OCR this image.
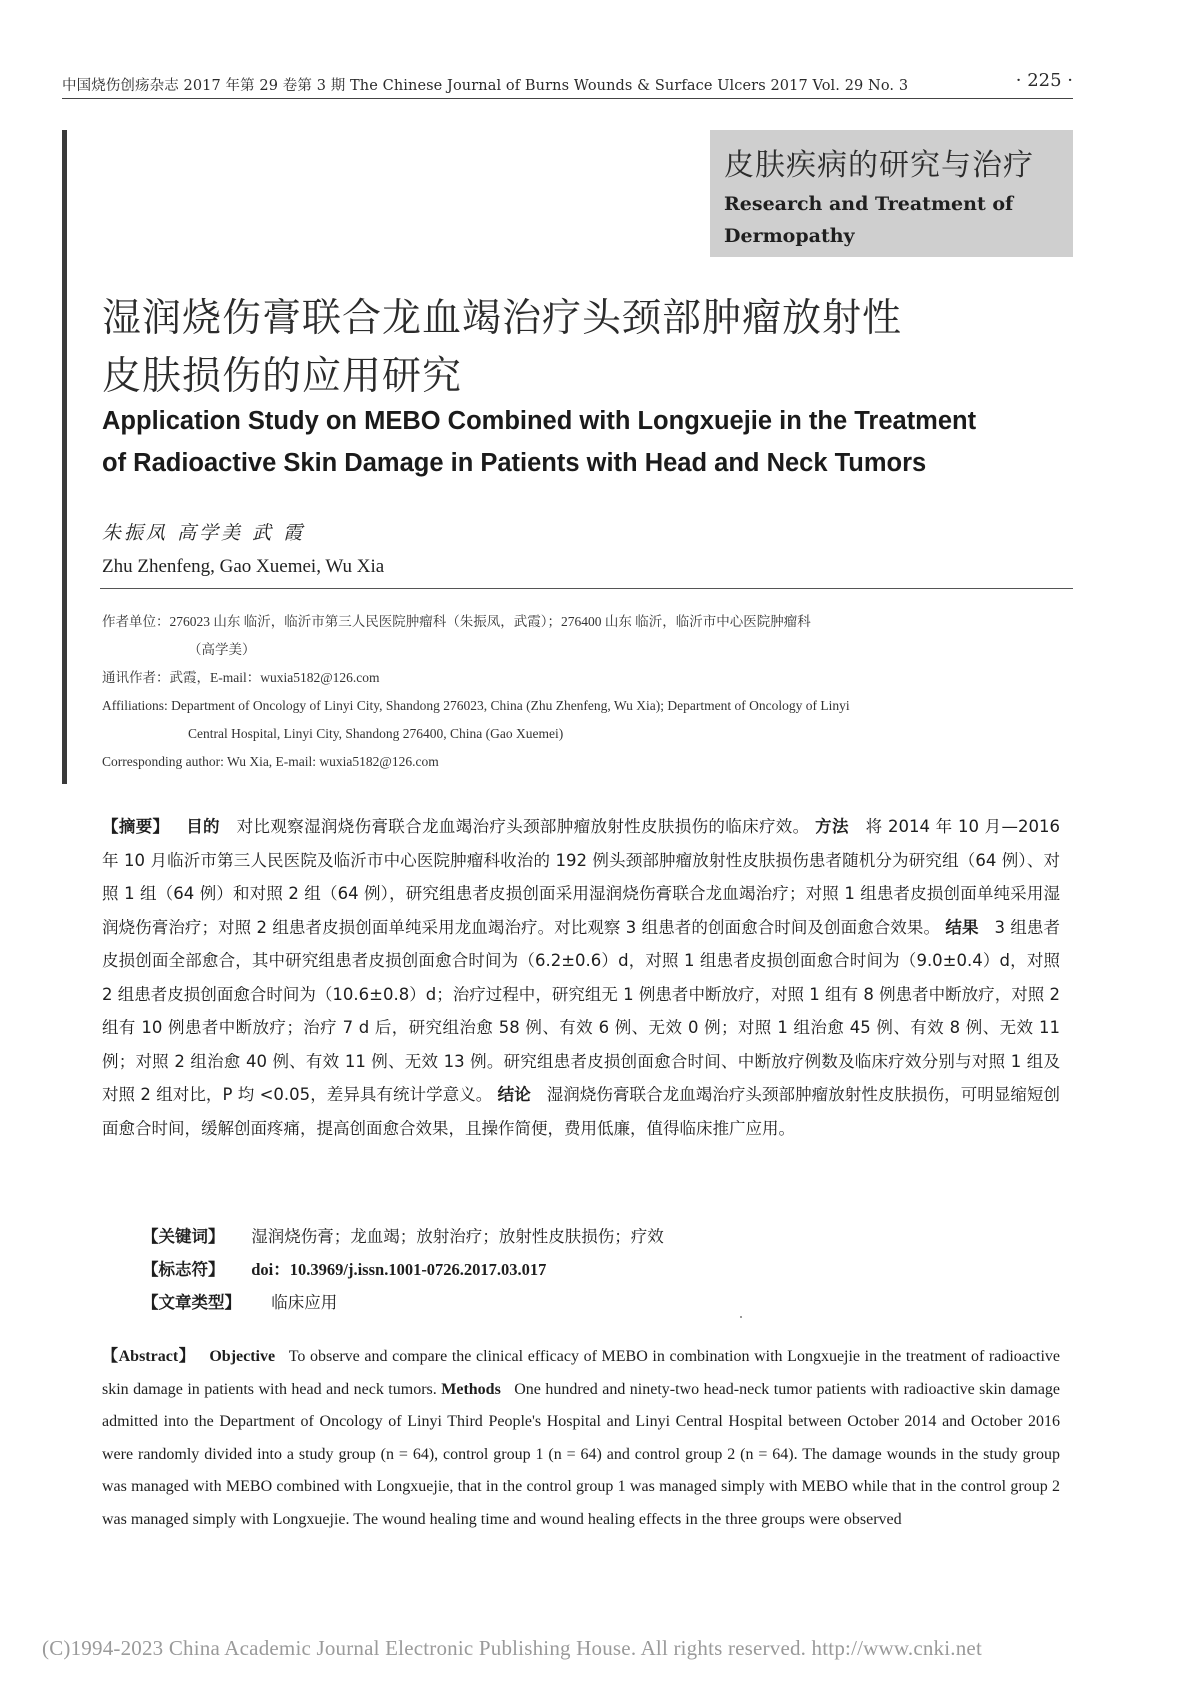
中国烧伤创疡杂志 2017 年第 29 卷第 3 期 The Chinese Journal of Burns Wounds & Surface Ulcers 2017 Vol. 29 No. 3	· 225 ·
皮肤疾病的研究与治疗
Research and Treatment of Dermopathy
湿润烧伤膏联合龙血竭治疗头颈部肿瘤放射性
皮肤损伤的应用研究
Application Study on MEBO Combined with Longxuejie in the Treatment
of Radioactive Skin Damage in Patients with Head and Neck Tumors
朱振凤 高学美 武 霞
Zhu Zhenfeng, Gao Xuemei, Wu Xia
作者单位：276023 山东 临沂，临沂市第三人民医院肿瘤科（朱振凤，武霞）；276400 山东 临沂，临沂市中心医院肿瘤科
（高学美）
通讯作者：武霞，E-mail：wuxia5182@126.com
Affiliations: Department of Oncology of Linyi City, Shandong 276023, China (Zhu Zhenfeng, Wu Xia); Department of Oncology of Linyi
Central Hospital, Linyi City, Shandong 276400, China (Gao Xuemei)
Corresponding author: Wu Xia, E-mail: wuxia5182@126.com
【摘要】 目的 对比观察湿润烧伤膏联合龙血竭治疗头颈部肿瘤放射性皮肤损伤的临床疗效。 方法 将 2014 年 10 月—2016 年 10 月临沂市第三人民医院及临沂市中心医院肿瘤科收治的 192 例头颈部肿瘤放射性皮肤损伤患者随机分为研究组（64 例）、对照 1 组（64 例）和对照 2 组（64 例），研究组患者皮损创面采用湿润烧伤膏联合龙血竭治疗；对照 1 组患者皮损创面单纯采用湿润烧伤膏治疗；对照 2 组患者皮损创面单纯采用龙血竭治疗。对比观察 3 组患者的创面愈合时间及创面愈合效果。 结果 3 组患者皮损创面全部愈合，其中研究组患者皮损创面愈合时间为（6.2±0.6）d，对照 1 组患者皮损创面愈合时间为（9.0±0.4）d，对照 2 组患者皮损创面愈合时间为（10.6±0.8）d；治疗过程中，研究组无 1 例患者中断放疗，对照 1 组有 8 例患者中断放疗，对照 2 组有 10 例患者中断放疗；治疗 7 d 后，研究组治愈 58 例、有效 6 例、无效 0 例；对照 1 组治愈 45 例、有效 8 例、无效 11 例；对照 2 组治愈 40 例、有效 11 例、无效 13 例。研究组患者皮损创面愈合时间、中断放疗例数及临床疗效分别与对照 1 组及对照 2 组对比，P 均 <0.05，差异具有统计学意义。 结论 湿润烧伤膏联合龙血竭治疗头颈部肿瘤放射性皮肤损伤，可明显缩短创面愈合时间，缓解创面疼痛，提高创面愈合效果，且操作简便，费用低廉，值得临床推广应用。
【关键词】 湿润烧伤膏；龙血竭；放射治疗；放射性皮肤损伤；疗效
【标志符】 doi：10.3969/j.issn.1001-0726.2017.03.017
【文章类型】 临床应用
【Abstract】 Objective To observe and compare the clinical efficacy of MEBO in combination with Longxuejie in the treatment of radioactive skin damage in patients with head and neck tumors. Methods One hundred and ninety-two head-neck tumor patients with radioactive skin damage admitted into the Department of Oncology of Linyi Third People's Hospital and Linyi Central Hospital between October 2014 and October 2016 were randomly divided into a study group (n = 64), control group 1 (n = 64) and control group 2 (n = 64). The damage wounds in the study group was managed with MEBO combined with Longxuejie, that in the control group 1 was managed simply with MEBO while that in the control group 2 was managed simply with Longxuejie. The wound healing time and wound healing effects in the three groups were observed
(C)1994-2023 China Academic Journal Electronic Publishing House. All rights reserved. http://www.cnki.net
